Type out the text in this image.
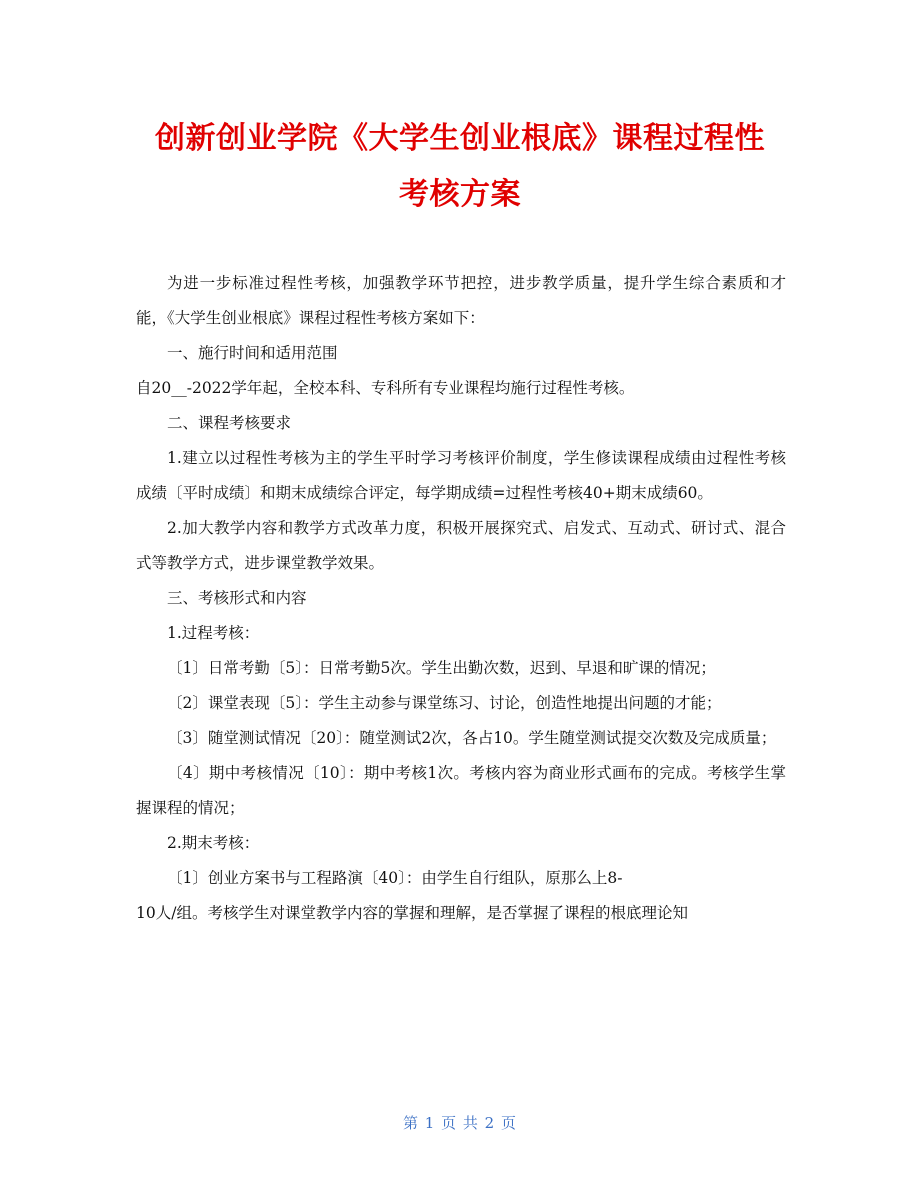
创新创业学院《大学生创业根底》课程过程性
考核方案

为进一步标准过程性考核，加强教学环节把控，进步教学质量，提升学生综合素质和才能，《大学生创业根底》课程过程性考核方案如下：

一、施行时间和适用范围

自20__-2022学年起，全校本科、专科所有专业课程均施行过程性考核。

二、课程考核要求

1.建立以过程性考核为主的学生平时学习考核评价制度，学生修读课程成绩由过程性考核成绩〔平时成绩〕和期末成绩综合评定，每学期成绩=过程性考核40+期末成绩60。

2.加大教学内容和教学方式改革力度，积极开展探究式、启发式、互动式、研讨式、混合式等教学方式，进步课堂教学效果。

三、考核形式和内容

1.过程考核：

〔1〕日常考勤〔5〕：日常考勤5次。学生出勤次数，迟到、早退和旷课的情况；

〔2〕课堂表现〔5〕：学生主动参与课堂练习、讨论，创造性地提出问题的才能；

〔3〕随堂测试情况〔20〕：随堂测试2次，各占10。学生随堂测试提交次数及完成质量；

〔4〕期中考核情况〔10〕：期中考核1次。考核内容为商业形式画布的完成。考核学生掌握课程的情况；

2.期末考核：

〔1〕创业方案书与工程路演〔40〕：由学生自行组队，原那么上8-

10人/组。考核学生对课堂教学内容的掌握和理解，是否掌握了课程的根底理论知

第 1 页 共 2 页
